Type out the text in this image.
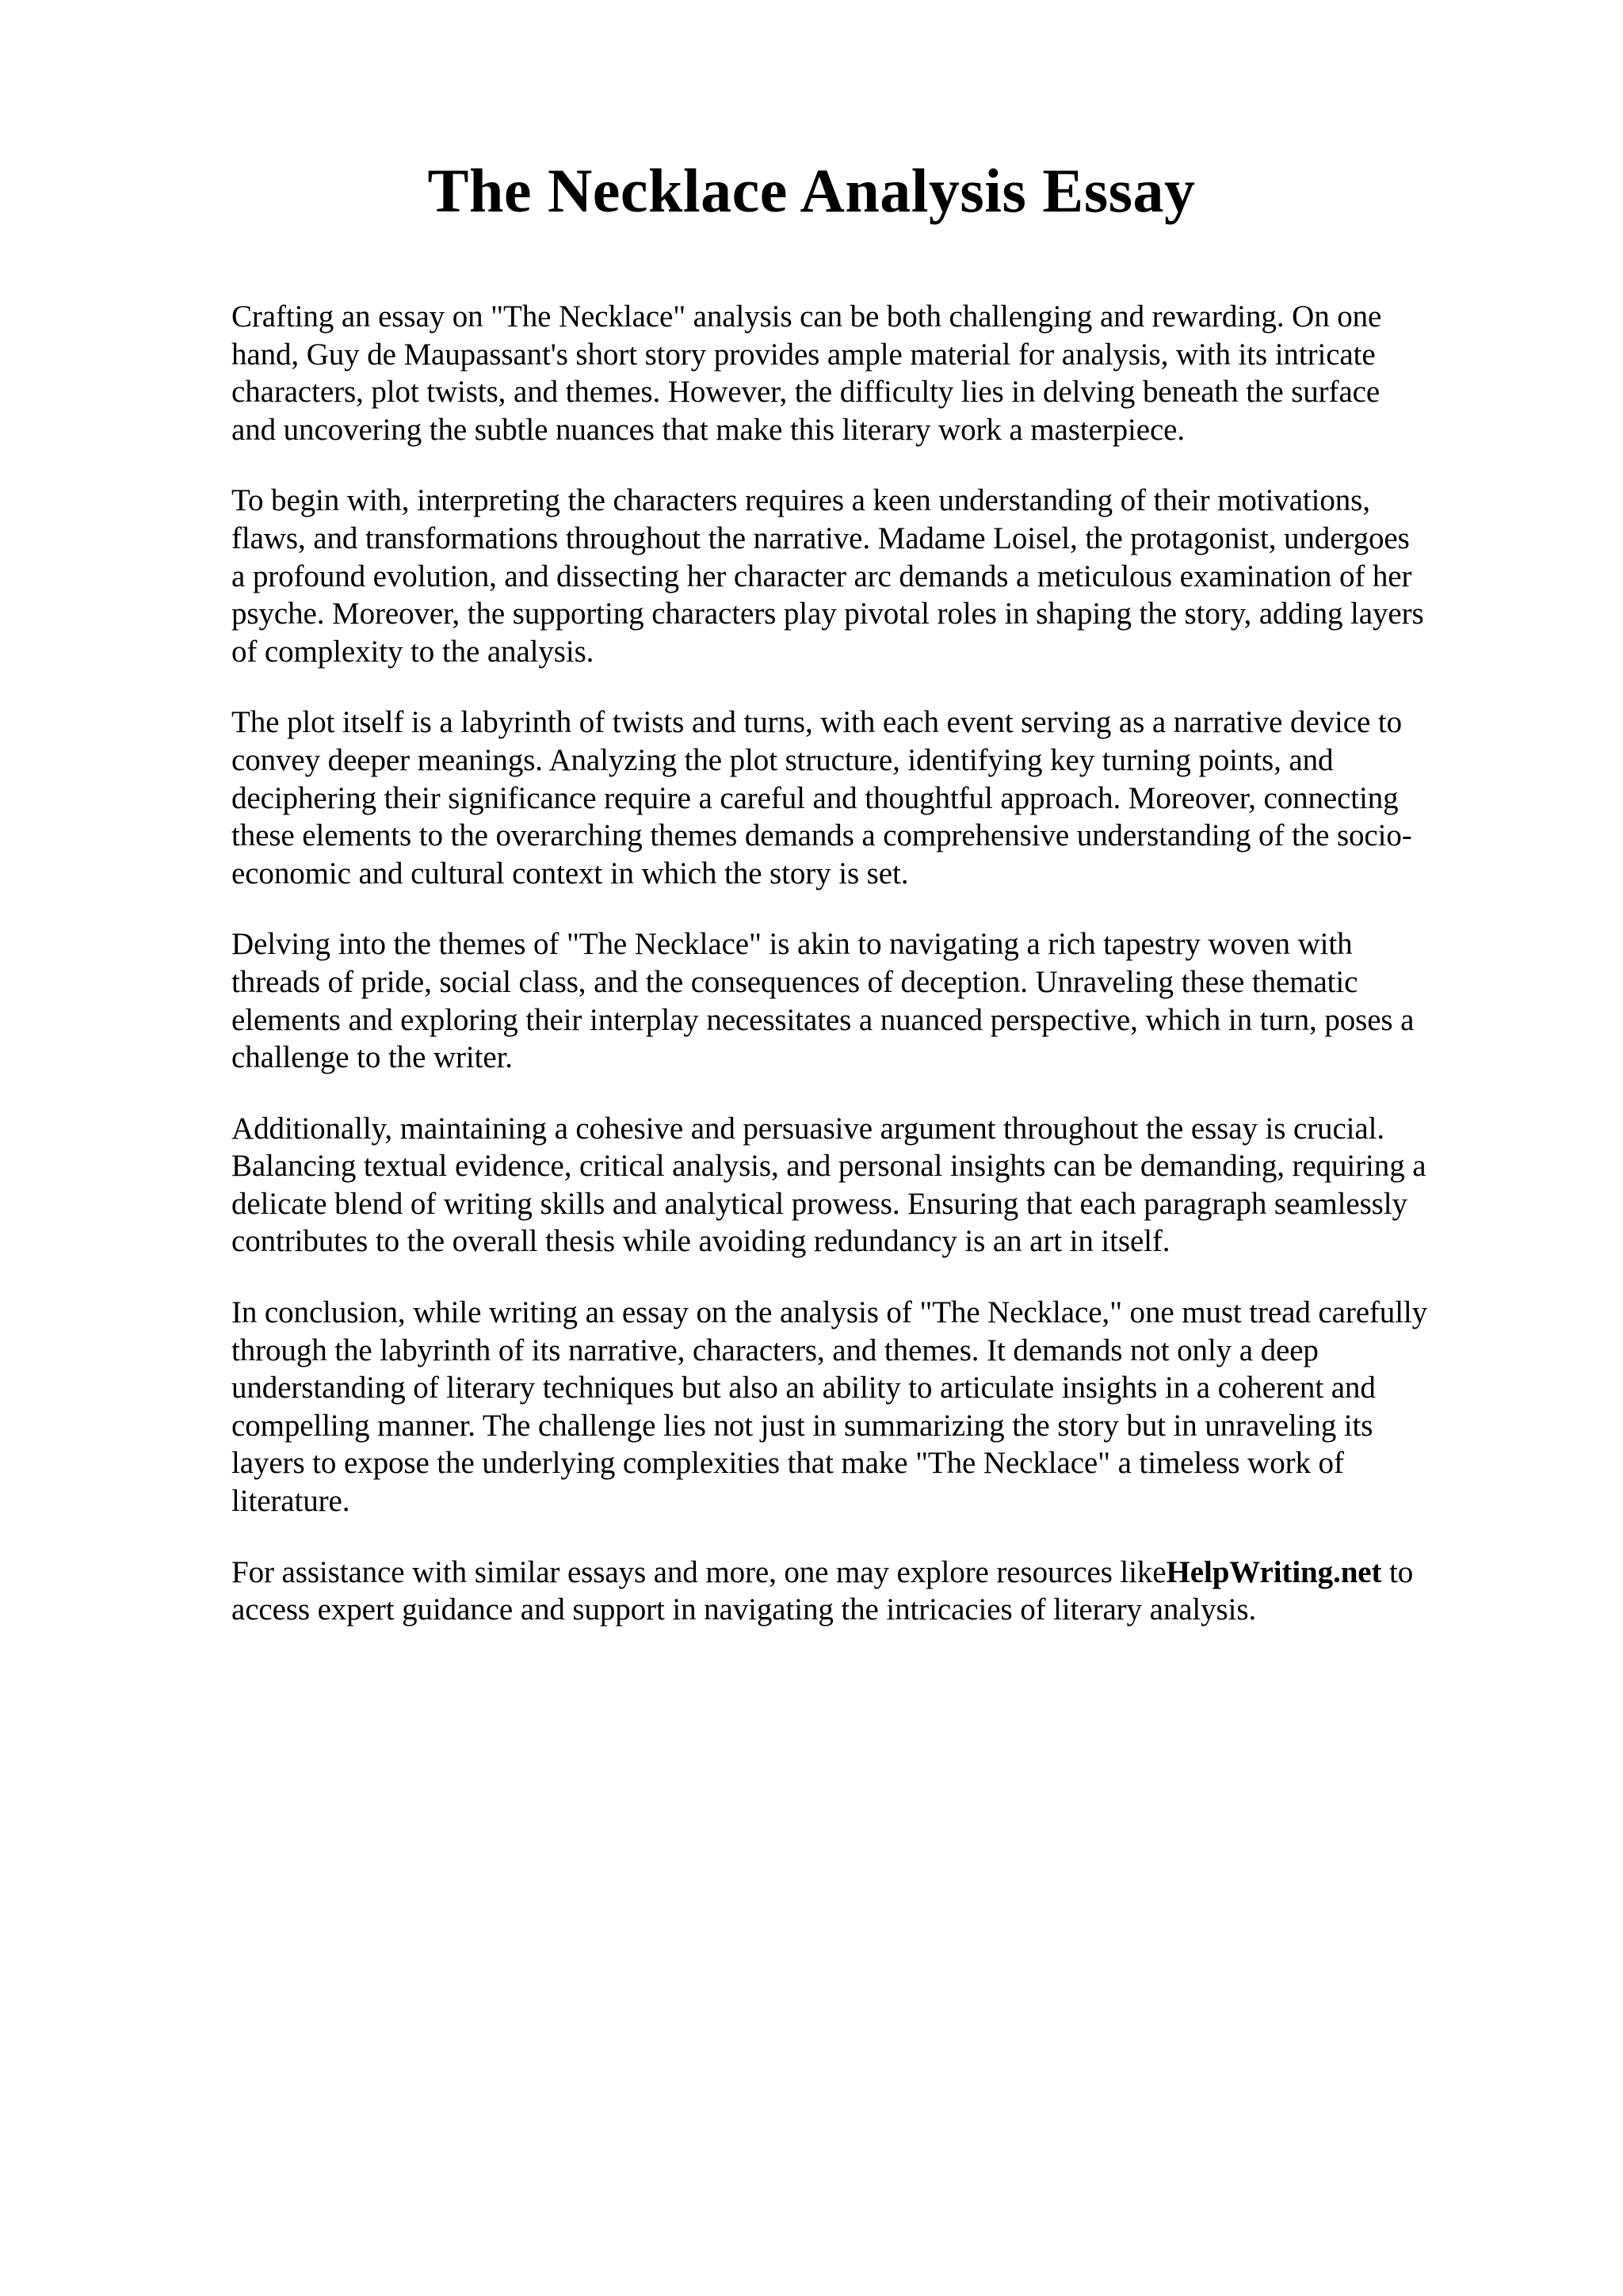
The Necklace Analysis Essay

Crafting an essay on "The Necklace" analysis can be both challenging and rewarding. On one
hand, Guy de Maupassant's short story provides ample material for analysis, with its intricate
characters, plot twists, and themes. However, the difficulty lies in delving beneath the surface
and uncovering the subtle nuances that make this literary work a masterpiece.

To begin with, interpreting the characters requires a keen understanding of their motivations,
flaws, and transformations throughout the narrative. Madame Loisel, the protagonist, undergoes
a profound evolution, and dissecting her character arc demands a meticulous examination of her
psyche. Moreover, the supporting characters play pivotal roles in shaping the story, adding layers
of complexity to the analysis.

The plot itself is a labyrinth of twists and turns, with each event serving as a narrative device to
convey deeper meanings. Analyzing the plot structure, identifying key turning points, and
deciphering their significance require a careful and thoughtful approach. Moreover, connecting
these elements to the overarching themes demands a comprehensive understanding of the socio-
economic and cultural context in which the story is set.

Delving into the themes of "The Necklace" is akin to navigating a rich tapestry woven with
threads of pride, social class, and the consequences of deception. Unraveling these thematic
elements and exploring their interplay necessitates a nuanced perspective, which in turn, poses a
challenge to the writer.

Additionally, maintaining a cohesive and persuasive argument throughout the essay is crucial.
Balancing textual evidence, critical analysis, and personal insights can be demanding, requiring a
delicate blend of writing skills and analytical prowess. Ensuring that each paragraph seamlessly
contributes to the overall thesis while avoiding redundancy is an art in itself.

In conclusion, while writing an essay on the analysis of "The Necklace," one must tread carefully
through the labyrinth of its narrative, characters, and themes. It demands not only a deep
understanding of literary techniques but also an ability to articulate insights in a coherent and
compelling manner. The challenge lies not just in summarizing the story but in unraveling its
layers to expose the underlying complexities that make "The Necklace" a timeless work of
literature.

For assistance with similar essays and more, one may explore resources likeHelpWriting.net to
access expert guidance and support in navigating the intricacies of literary analysis.
